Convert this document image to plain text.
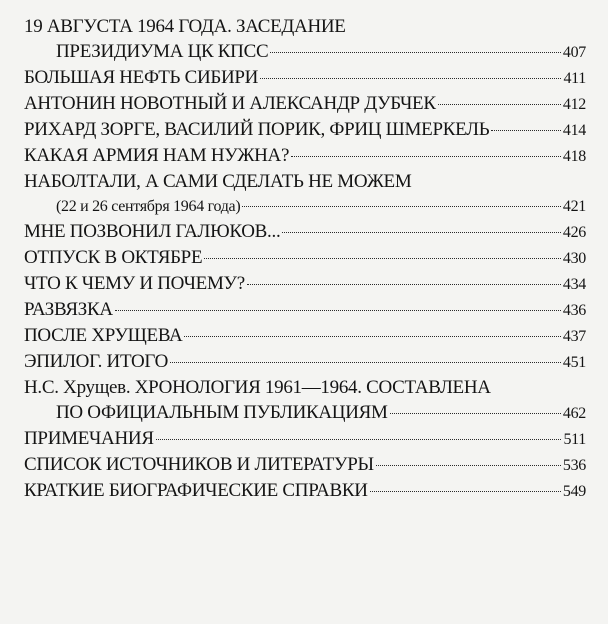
19 АВГУСТА 1964 ГОДА. ЗАСЕДАНИЕ
ПРЕЗИДИУМА ЦК КПСС	407
БОЛЬШАЯ НЕФТЬ СИБИРИ	411
АНТОНИН НОВОТНЫЙ И АЛЕКСАНДР ДУБЧЕК	412
РИХАРД ЗОРГЕ, ВАСИЛИЙ ПОРИК, ФРИЦ ШМЕРКЕЛЬ	414
КАКАЯ АРМИЯ НАМ НУЖНА?	418
НАБОЛТАЛИ, А САМИ СДЕЛАТЬ НЕ МОЖЕМ
(22 и 26 сентября 1964 года)	421
МНЕ ПОЗВОНИЛ ГАЛЮКОВ...	426
ОТПУСК В ОКТЯБРЕ	430
ЧТО К ЧЕМУ И ПОЧЕМУ?	434
РАЗВЯЗКА	436
ПОСЛЕ ХРУЩЕВА	437
ЭПИЛОГ. ИТОГО	451
Н.С. Хрущев. ХРОНОЛОГИЯ 1961—1964. СОСТАВЛЕНА
ПО ОФИЦИАЛЬНЫМ ПУБЛИКАЦИЯМ	462
ПРИМЕЧАНИЯ	511
СПИСОК ИСТОЧНИКОВ И ЛИТЕРАТУРЫ	536
КРАТКИЕ БИОГРАФИЧЕСКИЕ СПРАВКИ	549
